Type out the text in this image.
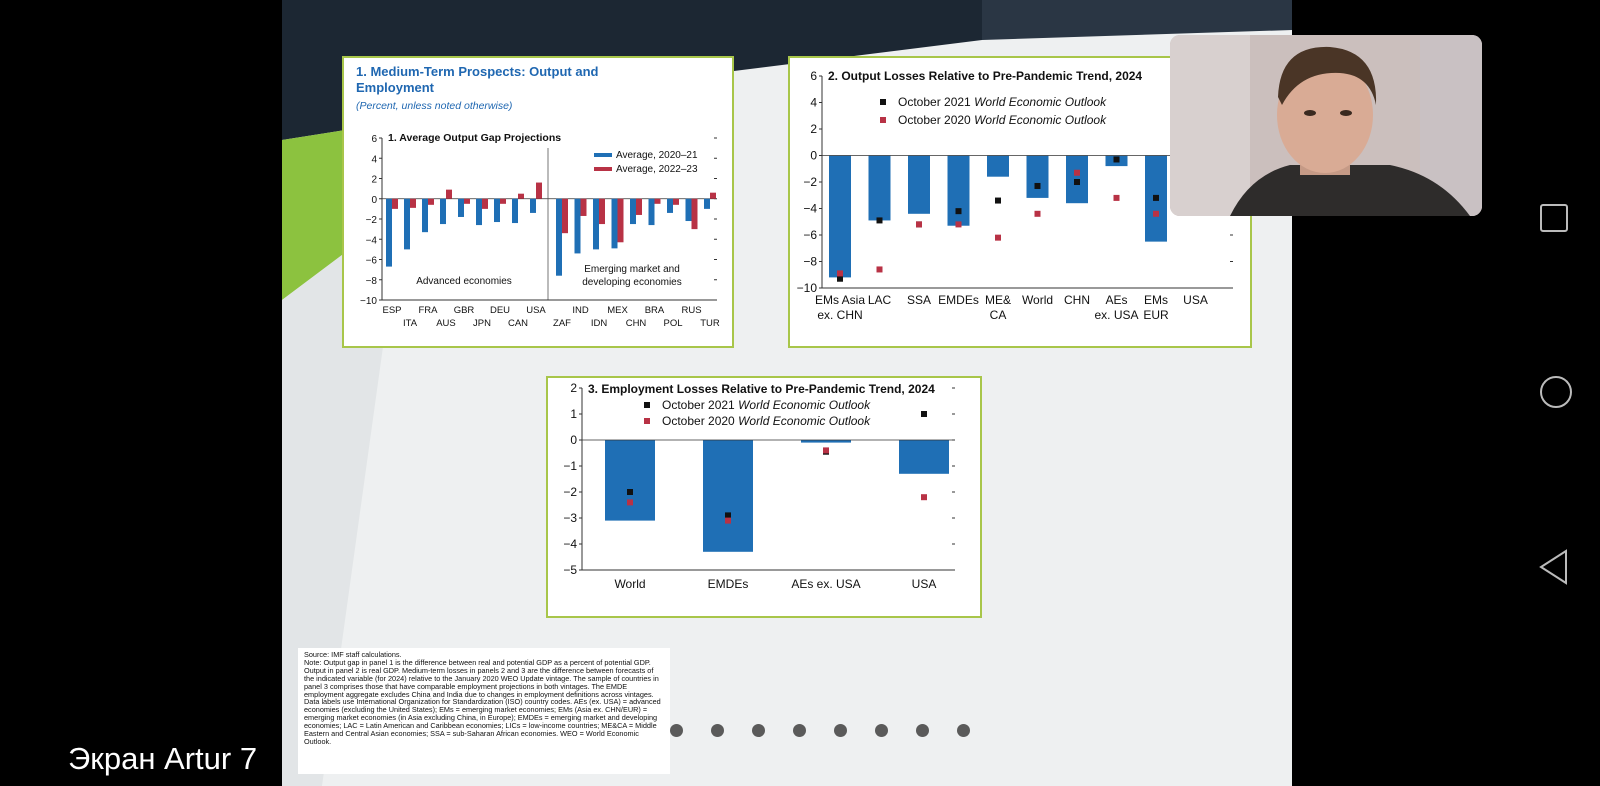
1. Medium-Term Prospects: Output and
Employment
(Percent, unless noted otherwise)
1. Average Output Gap Projections
6
4
2
0
−2
−4
−6
−8
−10
ESP
ITA
FRA
AUS
GBR
JPN
DEU
CAN
USA
ZAF
IND
IDN
MEX
CHN
BRA
POL
RUS
TUR
Advanced economies
Emerging market and developing economies
Average, 2020–21
Average, 2022–23
2. Output Losses Relative to Pre-Pandemic Trend, 2024
6
4
2
0
−2
−4
−6
−8
−10
October 2021 World Economic Outlook
October 2020 World Economic Outlook
EMs Asia
ex. CHN
LAC SSA EMDEs ME&
CA
World CHN AEs
ex. USA
EMs
EUR
USA
3. Employment Losses Relative to Pre-Pandemic Trend, 2024
2
1
0
−1
−2
−3
−4
−5
October 2021 World Economic Outlook
October 2020 World Economic Outlook
World	EMDEs	AEs ex. USA	USA

Source: IMF staff calculations.

Note: Output gap in panel 1 is the difference between real and potential GDP as a percent of potential GDP. Output in panel 2 is real GDP. Medium-term losses in panels 2 and 3 are the difference between forecasts of the indicated variable (for 2024) relative to the January 2020 WEO Update vintage. The sample of countries in panel 3 comprises those that have comparable employment projections in both vintages. The EMDE employment aggregate excludes China and India due to changes in employment definitions across vintages. Data labels use International Organization for Standardization (ISO) country codes. AEs (ex. USA) = advanced economies (excluding the United States); EMs = emerging market economies; EMs (Asia ex. CHN/EUR) = emerging market economies (in Asia excluding China, in Europe); EMDEs = emerging market and developing economies; LAC = Latin American and Caribbean economies; LICs = low-income countries; ME&CA = Middle Eastern and Central Asian economies; SSA = sub-Saharan African economies. WEO = World Economic Outlook.

Экран Artur 7
